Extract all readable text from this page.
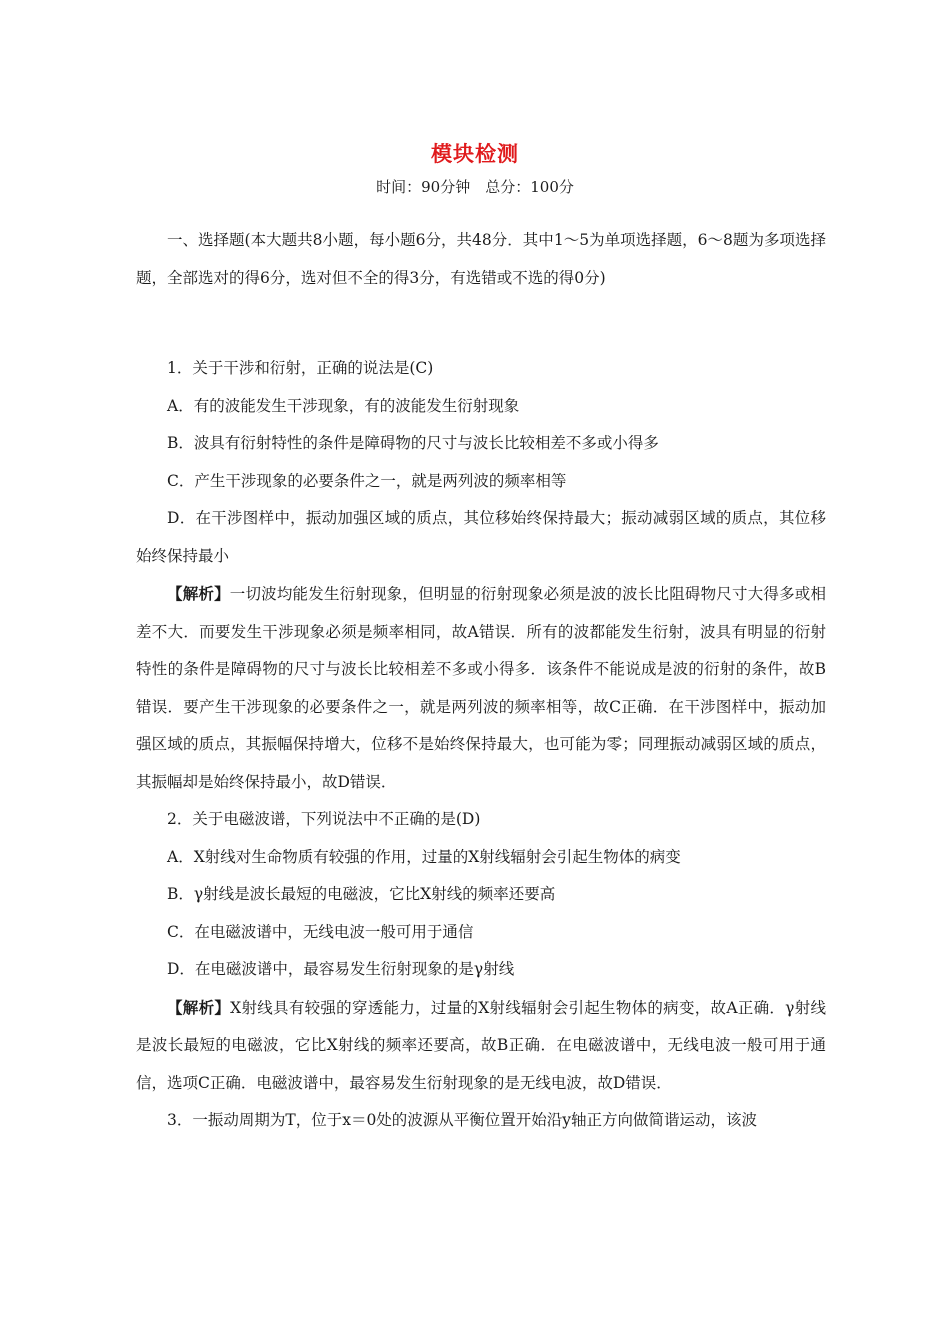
模块检测
时间：90分钟　总分：100分

一、选择题(本大题共8小题，每小题6分，共48分．其中1～5为单项选择题，6～8题为多项选择题，全部选对的得6分，选对但不全的得3分，有选错或不选的得0分)

1．关于干涉和衍射，正确的说法是(C)

A．有的波能发生干涉现象，有的波能发生衍射现象

B．波具有衍射特性的条件是障碍物的尺寸与波长比较相差不多或小得多

C．产生干涉现象的必要条件之一，就是两列波的频率相等

D．在干涉图样中，振动加强区域的质点，其位移始终保持最大；振动减弱区域的质点，其位移始终保持最小

【解析】一切波均能发生衍射现象，但明显的衍射现象必须是波的波长比阻碍物尺寸大得多或相差不大．而要发生干涉现象必须是频率相同，故A错误．所有的波都能发生衍射，波具有明显的衍射特性的条件是障碍物的尺寸与波长比较相差不多或小得多．该条件不能说成是波的衍射的条件，故B错误．要产生干涉现象的必要条件之一，就是两列波的频率相等，故C正确．在干涉图样中，振动加强区域的质点，其振幅保持增大，位移不是始终保持最大，也可能为零；同理振动减弱区域的质点，其振幅却是始终保持最小，故D错误．

2．关于电磁波谱，下列说法中不正确的是(D)

A．X射线对生命物质有较强的作用，过量的X射线辐射会引起生物体的病变

B．γ射线是波长最短的电磁波，它比X射线的频率还要高

C．在电磁波谱中，无线电波一般可用于通信

D．在电磁波谱中，最容易发生衍射现象的是γ射线

【解析】X射线具有较强的穿透能力，过量的X射线辐射会引起生物体的病变，故A正确．γ射线是波长最短的电磁波，它比X射线的频率还要高，故B正确．在电磁波谱中，无线电波一般可用于通信，选项C正确．电磁波谱中，最容易发生衍射现象的是无线电波，故D错误．

3．一振动周期为T，位于x＝0处的波源从平衡位置开始沿y轴正方向做简谐运动，该波
